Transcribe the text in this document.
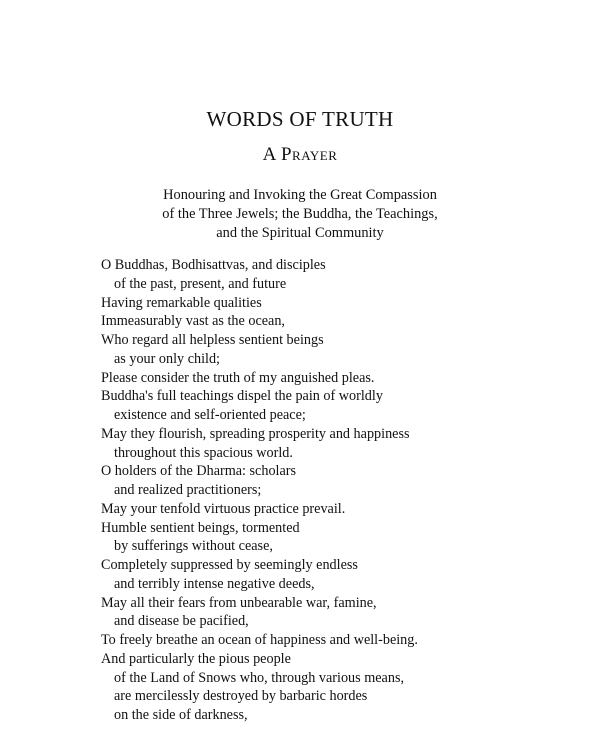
WORDS OF TRUTH
A Prayer
Honouring and Invoking the Great Compassion
of the Three Jewels; the Buddha, the Teachings,
and the Spiritual Community
O Buddhas, Bodhisattvas, and disciples
of the past, present, and future
Having remarkable qualities
Immeasurably vast as the ocean,
Who regard all helpless sentient beings
as your only child;
Please consider the truth of my anguished pleas.
Buddha's full teachings dispel the pain of worldly
existence and self-oriented peace;
May they flourish, spreading prosperity and happiness
throughout this spacious world.
O holders of the Dharma: scholars
and realized practitioners;
May your tenfold virtuous practice prevail.
Humble sentient beings, tormented
by sufferings without cease,
Completely suppressed by seemingly endless
and terribly intense negative deeds,
May all their fears from unbearable war, famine,
and disease be pacified,
To freely breathe an ocean of happiness and well-being.
And particularly the pious people
of the Land of Snows who, through various means,
are mercilessly destroyed by barbaric hordes
on the side of darkness,
